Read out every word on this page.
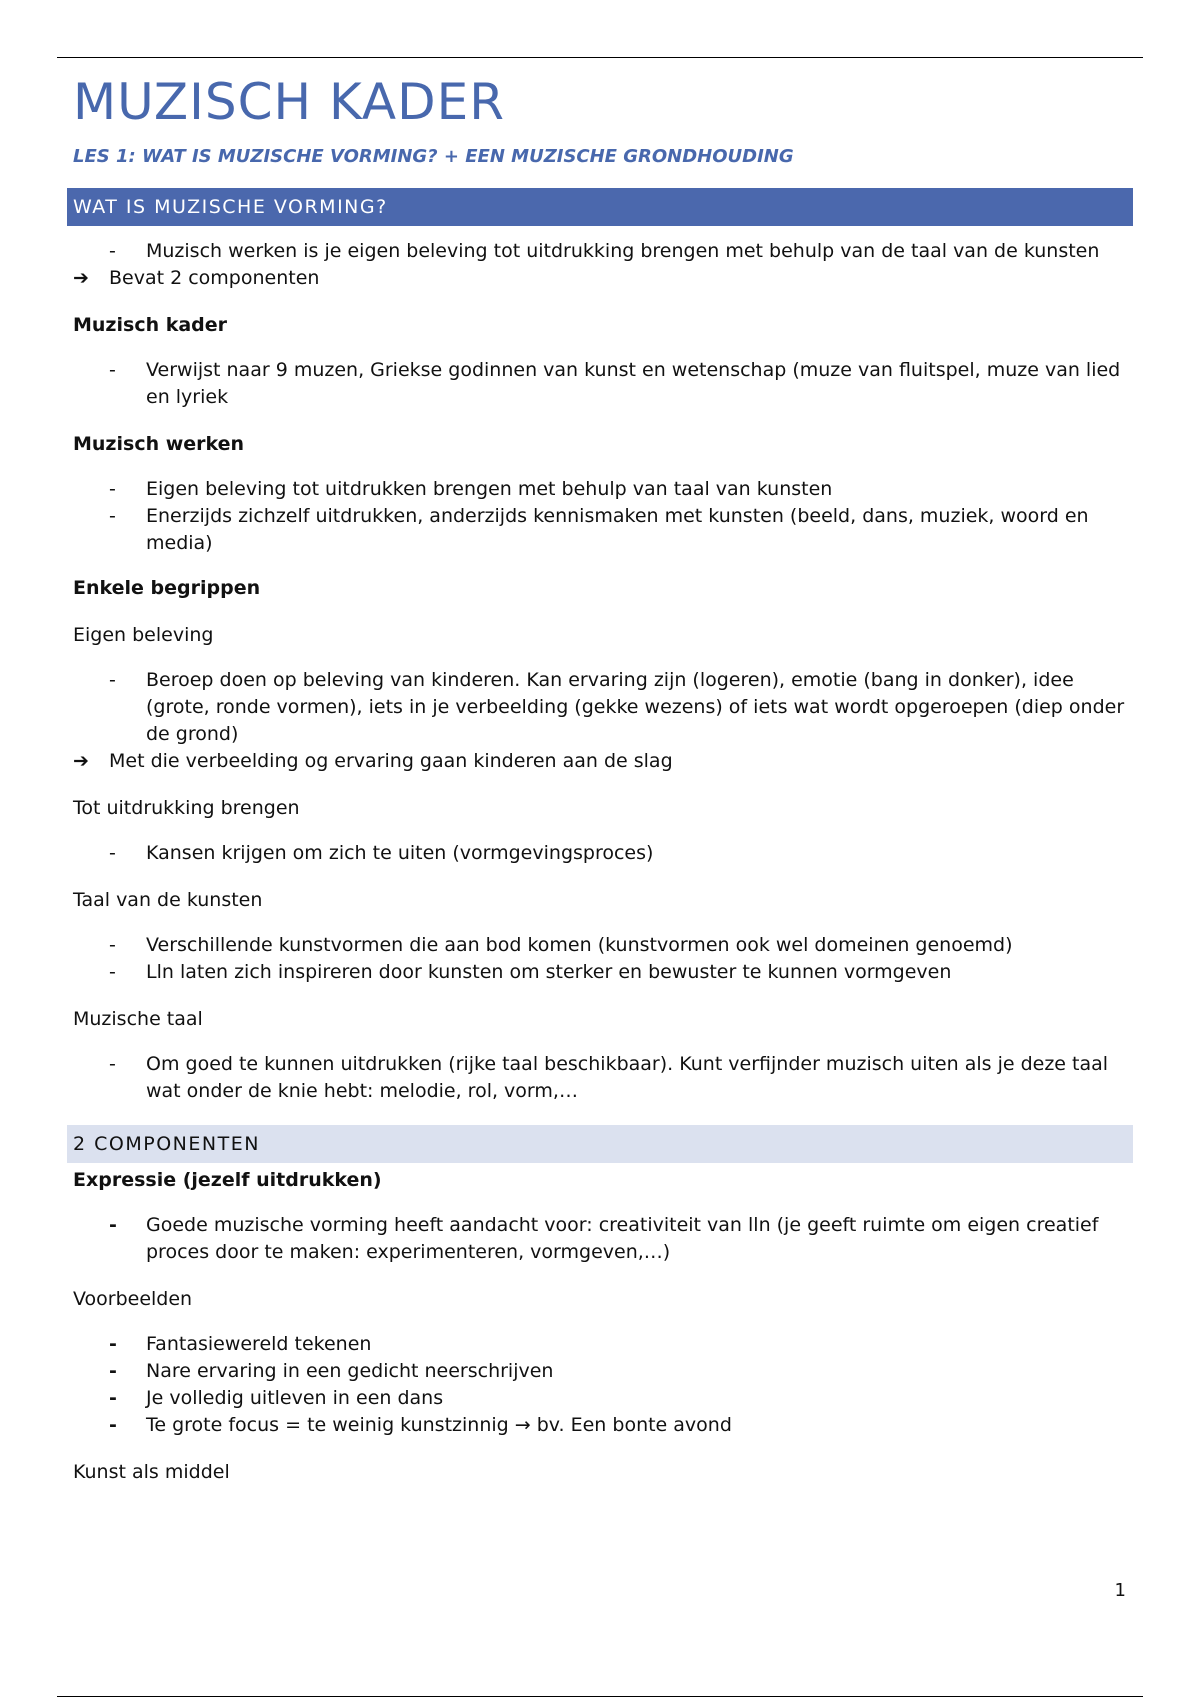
MUZISCH KADER
LES 1: WAT IS MUZISCHE VORMING? + EEN MUZISCHE GRONDHOUDING
WAT IS MUZISCHE VORMING?
- Muzisch werken is je eigen beleving tot uitdrukking brengen met behulp van de taal van de kunsten
➔ Bevat 2 componenten
Muzisch kader
- Verwijst naar 9 muzen, Griekse godinnen van kunst en wetenschap (muze van fluitspel, muze van lied en lyriek
Muzisch werken
- Eigen beleving tot uitdrukken brengen met behulp van taal van kunsten
- Enerzijds zichzelf uitdrukken, anderzijds kennismaken met kunsten (beeld, dans, muziek, woord en media)
Enkele begrippen
Eigen beleving
- Beroep doen op beleving van kinderen. Kan ervaring zijn (logeren), emotie (bang in donker), idee (grote, ronde vormen), iets in je verbeelding (gekke wezens) of iets wat wordt opgeroepen (diep onder de grond)
➔ Met die verbeelding og ervaring gaan kinderen aan de slag
Tot uitdrukking brengen
- Kansen krijgen om zich te uiten (vormgevingsproces)
Taal van de kunsten
- Verschillende kunstvormen die aan bod komen (kunstvormen ook wel domeinen genoemd)
- Lln laten zich inspireren door kunsten om sterker en bewuster te kunnen vormgeven
Muzische taal
- Om goed te kunnen uitdrukken (rijke taal beschikbaar). Kunt verfijnder muzisch uiten als je deze taal wat onder de knie hebt: melodie, rol, vorm,…
2 COMPONENTEN
Expressie (jezelf uitdrukken)
- Goede muzische vorming heeft aandacht voor: creativiteit van lln (je geeft ruimte om eigen creatief proces door te maken: experimenteren, vormgeven,…)
Voorbeelden
- Fantasiewereld tekenen
- Nare ervaring in een gedicht neerschrijven
- Je volledig uitleven in een dans
- Te grote focus = te weinig kunstzinnig → bv. Een bonte avond
Kunst als middel
1
